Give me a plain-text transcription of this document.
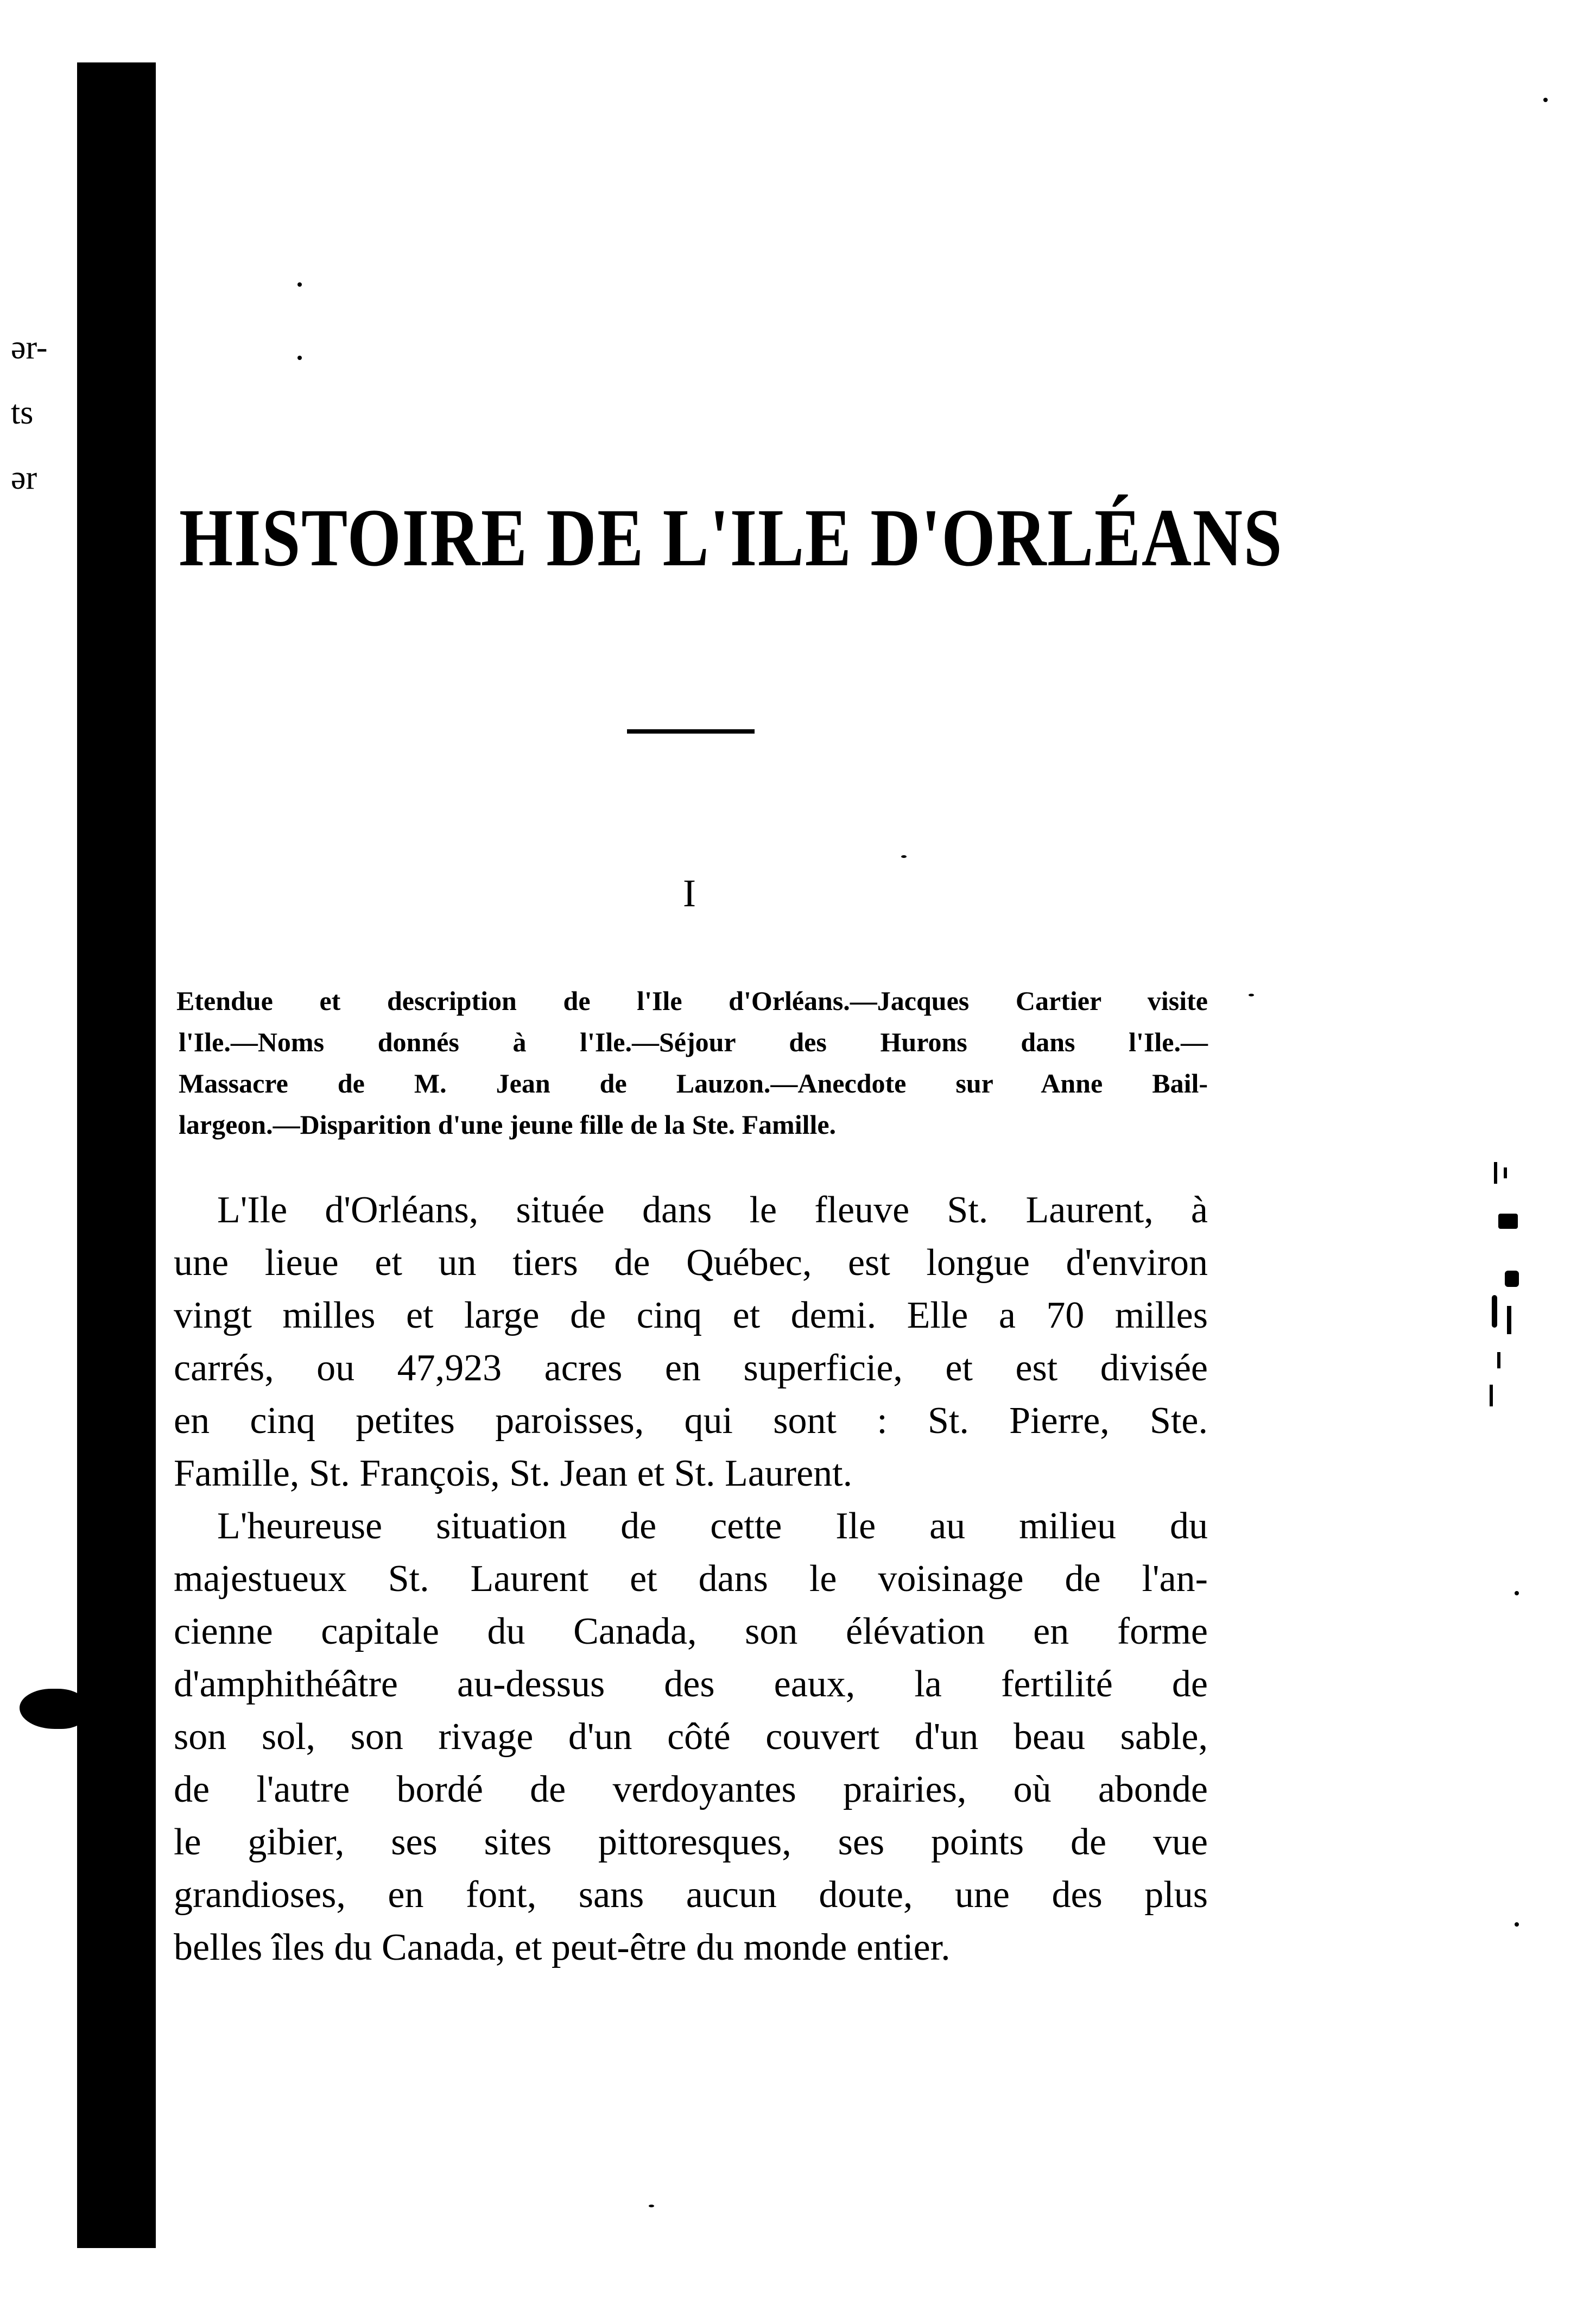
ər-
ts
ər
HISTOIRE DE L'ILE D'ORLÉANS
I
Etendue et description de l'Ile d'Orléans.—Jacques Cartier visite
l'Ile.—Noms donnés à l'Ile.—Séjour des Hurons dans l'Ile.—
Massacre de M. Jean de Lauzon.—Anecdote sur Anne Bail-
largeon.—Disparition d'une jeune fille de la Ste. Famille.
L'Ile d'Orléans, située dans le fleuve St. Laurent, à
une lieue et un tiers de Québec, est longue d'environ
vingt milles et large de cinq et demi. Elle a 70 milles
carrés, ou 47,923 acres en superficie, et est divisée
en cinq petites paroisses, qui sont : St. Pierre, Ste.
Famille, St. François, St. Jean et St. Laurent.
L'heureuse situation de cette Ile au milieu du
majestueux St. Laurent et dans le voisinage de l'an-
cienne capitale du Canada, son élévation en forme
d'amphithéâtre au-dessus des eaux, la fertilité de
son sol, son rivage d'un côté couvert d'un beau sable,
de l'autre bordé de verdoyantes prairies, où abonde
le gibier, ses sites pittoresques, ses points de vue
grandioses, en font, sans aucun doute, une des plus
belles îles du Canada, et peut-être du monde entier.
